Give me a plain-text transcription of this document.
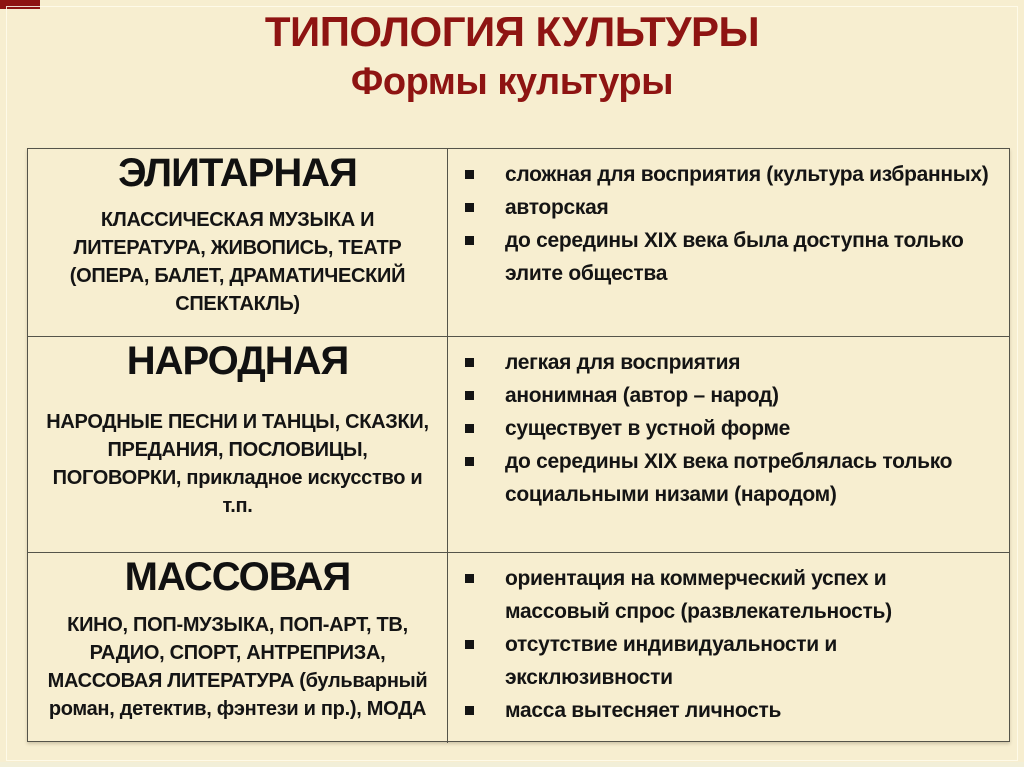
ТИПОЛОГИЯ КУЛЬТУРЫ
Формы культуры
ЭЛИТАРНАЯ
КЛАССИЧЕСКАЯ МУЗЫКА И ЛИТЕРАТУРА, ЖИВОПИСЬ, ТЕАТР (ОПЕРА, БАЛЕТ, ДРАМАТИЧЕСКИЙ СПЕКТАКЛЬ)
сложная для восприятия (культура избранных)
авторская
до середины XIX века была доступна только элите общества
НАРОДНАЯ
НАРОДНЫЕ ПЕСНИ И ТАНЦЫ, СКАЗКИ, ПРЕДАНИЯ, ПОСЛОВИЦЫ, ПОГОВОРКИ, прикладное искусство и т.п.
легкая для восприятия
анонимная (автор – народ)
существует в устной форме
до середины XIX века потреблялась только социальными низами (народом)
МАССОВАЯ
КИНО, ПОП-МУЗЫКА, ПОП-АРТ, ТВ, РАДИО, СПОРТ, АНТРЕПРИЗА, МАССОВАЯ ЛИТЕРАТУРА (бульварный роман, детектив, фэнтези и пр.), МОДА
ориентация на коммерческий успех и массовый спрос (развлекательность)
отсутствие индивидуальности и эксклюзивности
масса вытесняет личность
